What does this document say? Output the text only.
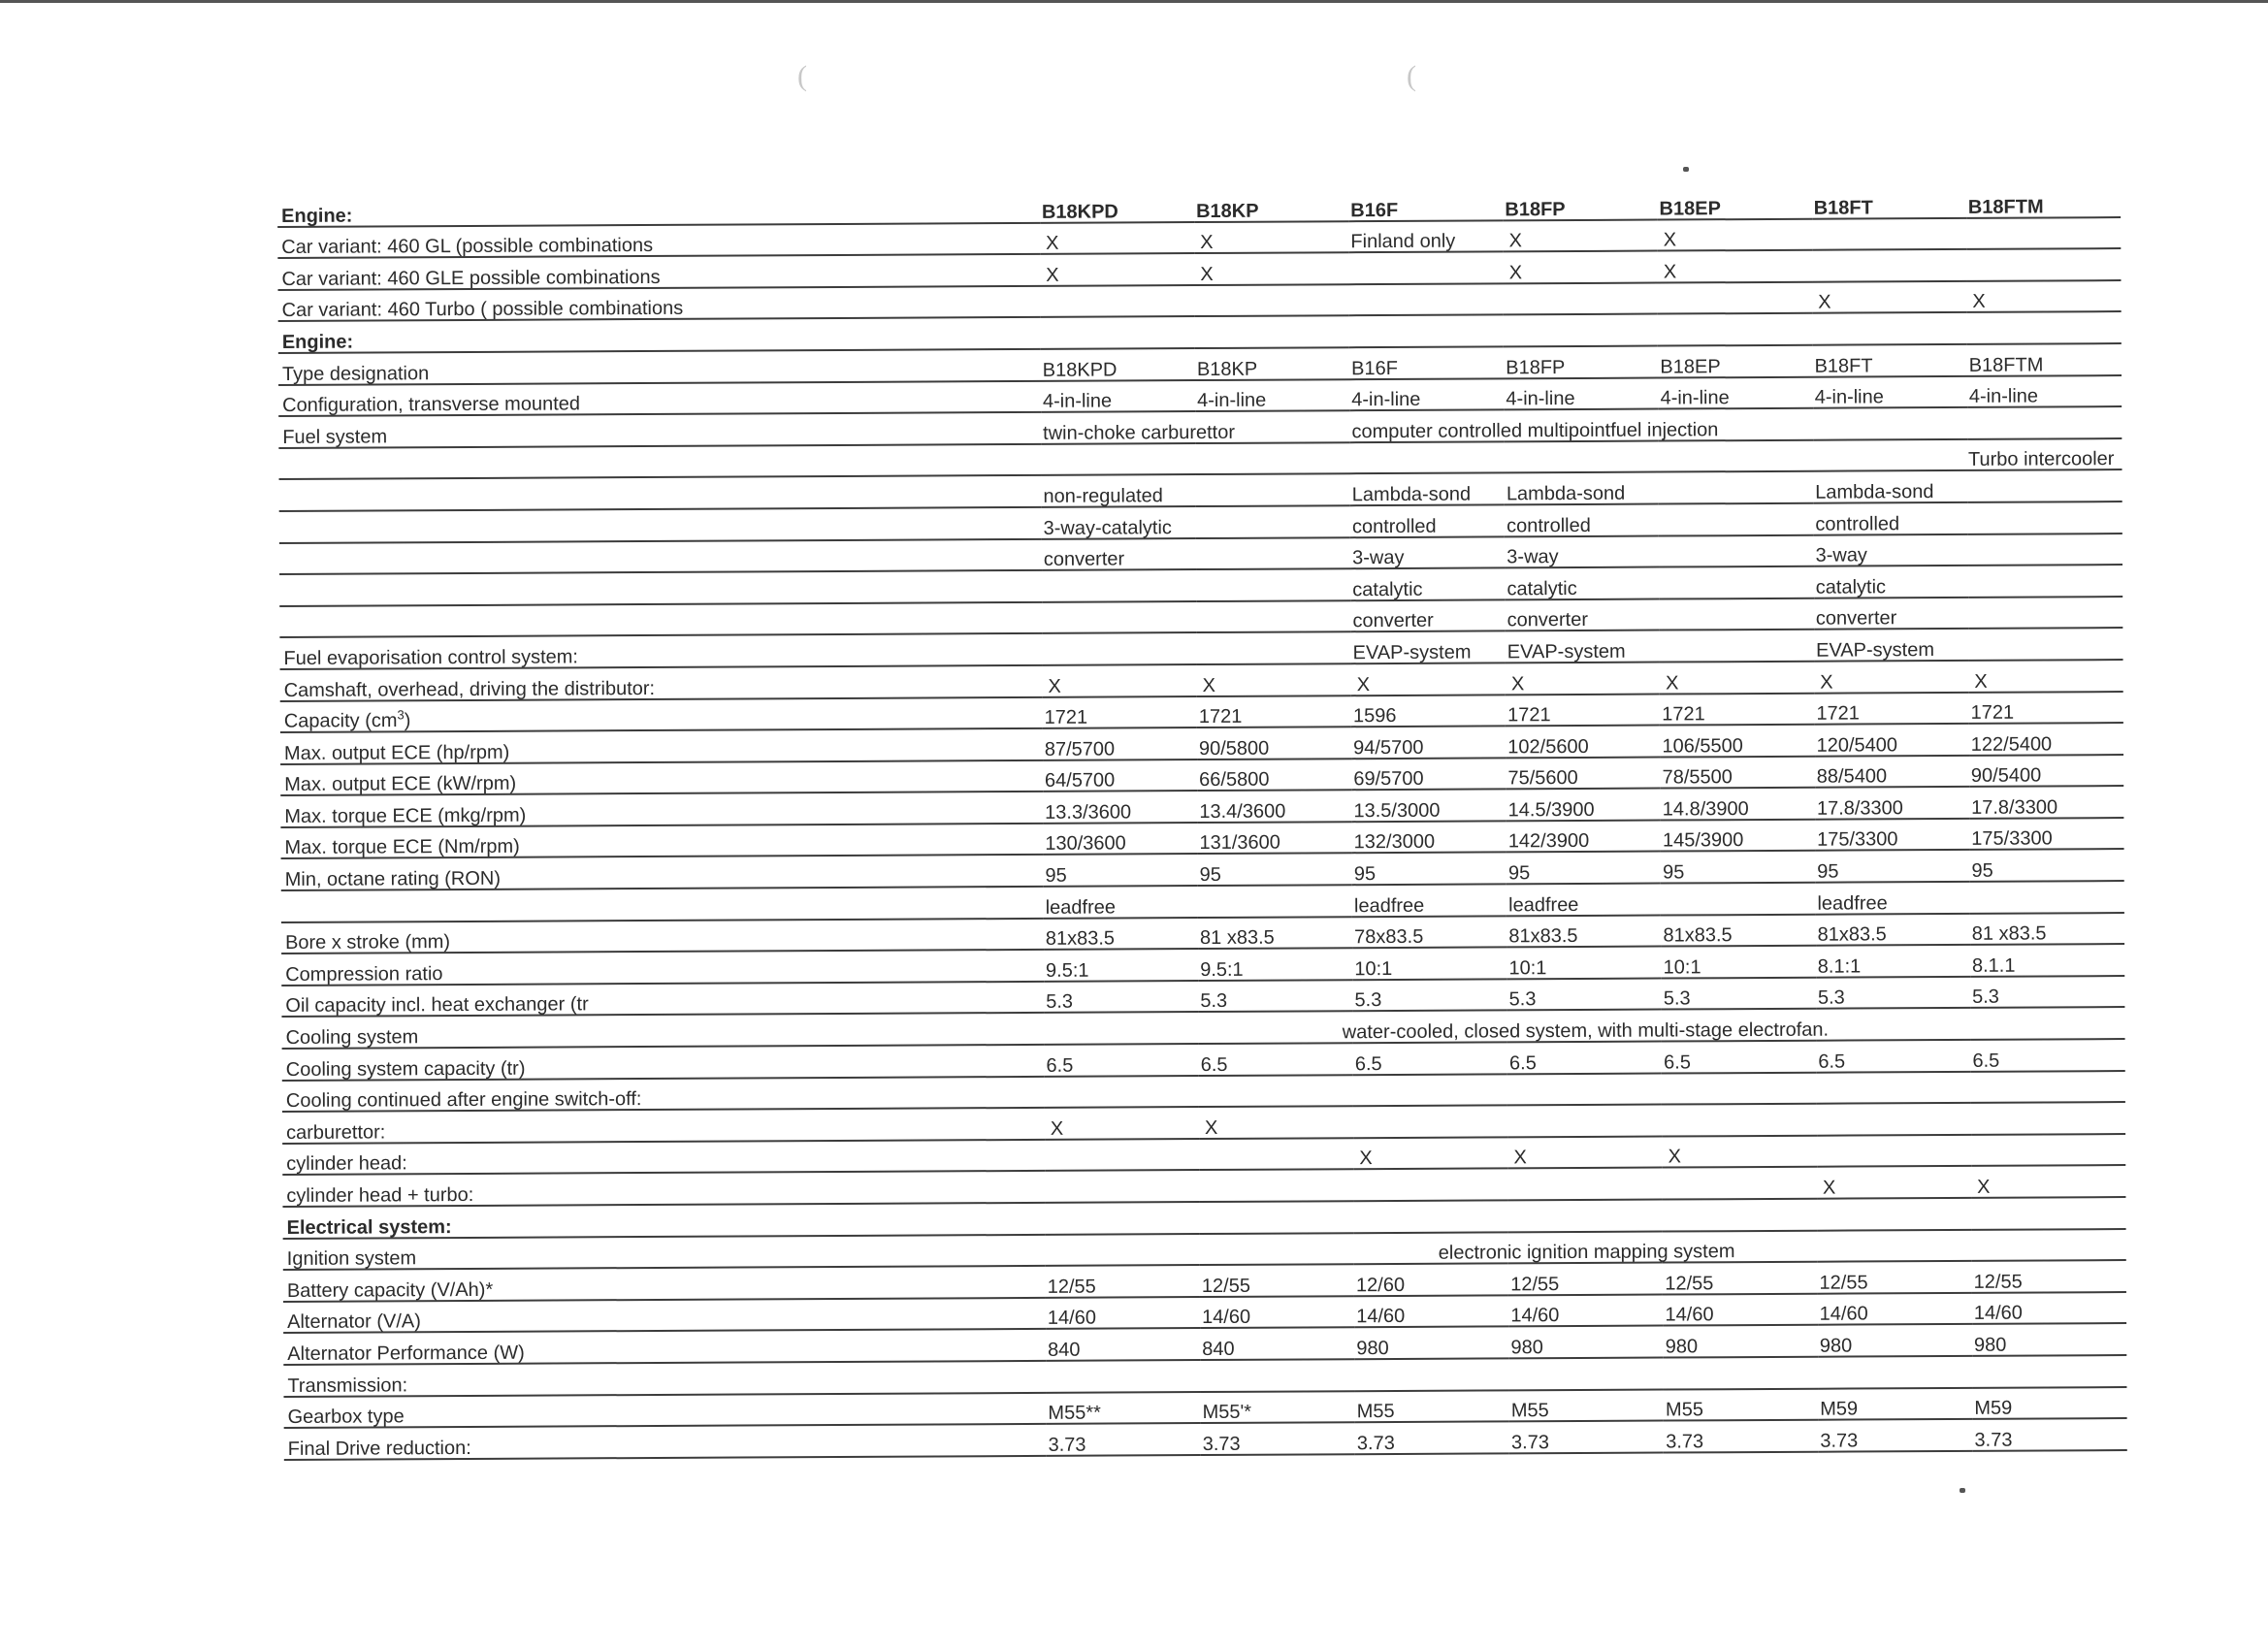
(	(
Engine:	B18KPD	B18KP	B16F	B18FP	B18EP	B18FT	B18FTM
Car variant: 460 GL (possible combinations	X	X	Finland only	X	X		
Car variant: 460 GLE possible combinations	X	X		X	X		
Car variant: 460 Turbo ( possible combinations						X	X
Engine:							
Type designation	B18KPD	B18KP	B16F	B18FP	B18EP	B18FT	B18FTM
Configuration, transverse mounted	4-in-line	4-in-line	4-in-line	4-in-line	4-in-line	4-in-line	4-in-line
Fuel system	twin-choke carburettor		computer controlled multipointfuel injection				
					Turbo intercooler		
	non-regulated		Lambda-sond	Lambda-sond		Lambda-sond	
	3-way-catalytic		controlled	controlled		controlled	
	converter		3-way	3-way		3-way	
			catalytic	catalytic		catalytic	
			converter	converter		converter	
Fuel evaporisation control system:			EVAP-system	EVAP-system		EVAP-system	
Camshaft, overhead, driving the distributor:	X	X	X	X	X	X	X
Capacity $(cm^3)$	1721	1721	1596	1721	1721	1721	1721
Max. output ECE (hp/rpm)	87/5700	90/5800	94/5700	102/5600	106/5500	120/5400	122/5400
Max. output ECE (kW/rpm)	64/5700	66/5800	69/5700	75/5600	78/5500	88/5400	90/5400
Max. torque ECE (mkg/rpm)	13.3/3600	13.4/3600	13.5/3000	14.5/3900	14.8/3900	17.8/3300	17.8/3300
Max. torque ECE (Nm/rpm)	130/3600	131/3600	132/3000	142/3900	145/3900	175/3300	175/3300
Min, octane rating (RON)	95	95	95	95	95	95	95
	leadfree		leadfree	leadfree		leadfree	
Bore x stroke (mm)	81x83.5	81 x83.5	78x83.5	81x83.5	81x83.5	81x83.5	81 x83.5
Compression ratio	9.5:1	9.5:1	10:1	10:1	10:1	8.1:1	8.1.1
Oil capacity incl. heat exchanger (tr	5.3	5.3	5.3	5.3	5.3	5.3	5.3
Cooling system	water-cooled, closed system, with multi-stage electrofan.						
Cooling system capacity (tr)	6.5	6.5	6.5	6.5	6.5	6.5	6.5
Cooling continued after engine switch-off:							
carburettor:	X	X					
cylinder head:			X	X	X		
cylinder head + turbo:						X	X
Electrical system:							
Ignition system	electronic ignition mapping system						
Battery capacity (V/Ah)*	12/55	12/55	12/60	12/55	12/55	12/55	12/55
Alternator (V/A)	14/60	14/60	14/60	14/60	14/60	14/60	14/60
Alternator Performance (W)	840	840	980	980	980	980	980
Transmission:							
Gearbox type	M55**	M55'*	M55	M55	M55	M59	M59
Final Drive reduction:	3.73	3.73	3.73	3.73	3.73	3.73	3.73
